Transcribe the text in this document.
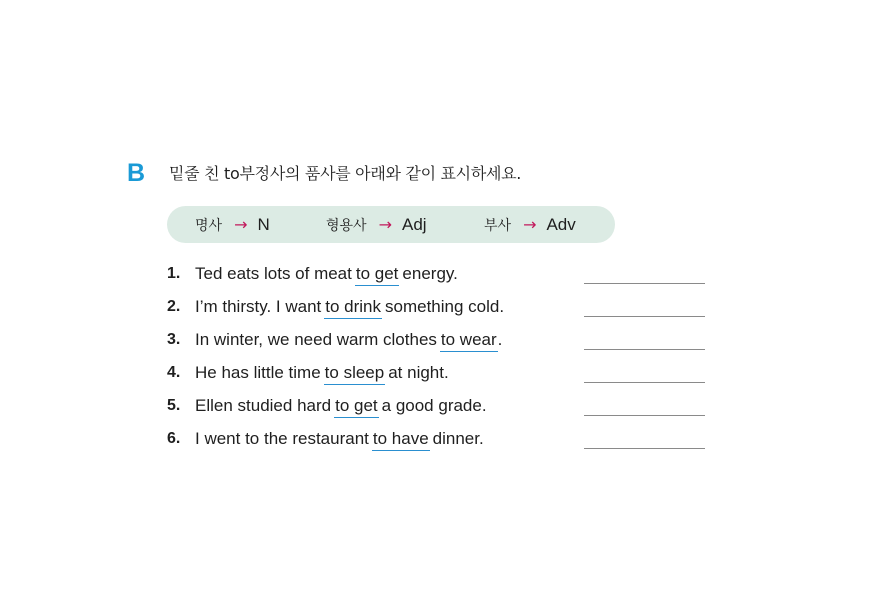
B 밑줄 친 to부정사의 품사를 아래와 같이 표시하세요.
명사 → N	형용사 → Adj	부사 → Adv
1. Ted eats lots of meat to get energy.
2. I’m thirsty. I want to drink something cold.
3. In winter, we need warm clothes to wear.
4. He has little time to sleep at night.
5. Ellen studied hard to get a good grade.
6. I went to the restaurant to have dinner.
